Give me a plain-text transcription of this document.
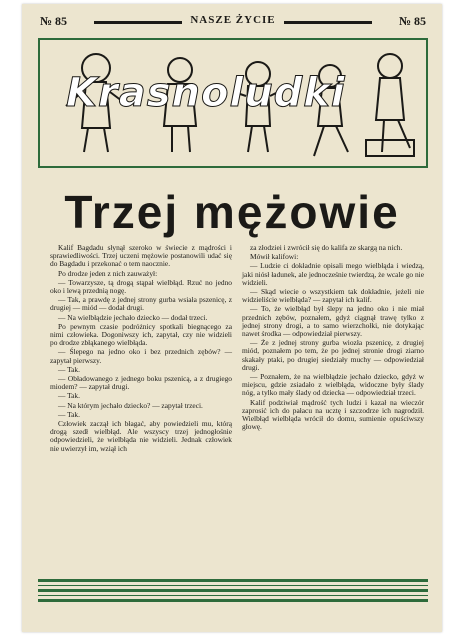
№ 85	NASZE ŻYCIE	№ 85
Krasnoludki
Trzej mężowie

Kalif Bagdadu słynął szeroko w świecie z mądrości i sprawiedliwości. Trzej uczeni mężowie postanowili udać się do Bagdadu i przekonać o tem naocznie.

Po drodze jeden z nich zauważył:

— Towarzysze, tą drogą stąpał wielbłąd. Rzuć no jedno oko i lewą przednią nogę.

— Tak, a prawdę z jednej strony gurba wsiała pszenicę, z drugiej — miód — dodał drugi.

— Na wielbłądzie jechało dziecko — dodał trzeci.

Po pewnym czasie podróżnicy spotkali biegnącego za nimi człowieka. Dogoniwszy ich, zapytał, czy nie widzieli po drodze zbłąkanego wielbłąda.

— Ślepego na jedno oko i bez przednich zębów? — zapytał pierwszy.

— Tak.

— Obładowanego z jednego boku pszenicą, a z drugiego miodem? — zapytał drugi.

— Tak.

— Na którym jechało dziecko? — zapytał trzeci.

— Tak.

Człowiek zaczął ich błagać, aby powiedzieli mu, którą drogą szedł wielbłąd. Ale wszyscy trzej jednogłośnie odpowiedzieli, że wielbłąda nie widzieli. Jednak człowiek nie uwierzył im, wziął ich

za złodziei i zwrócił się do kalifa ze skargą na nich.

Mówił kalifowi:

— Ludzie ci dokładnie opisali mego wielbłąda i wiedzą, jaki niósł ładunek, ale jednocześnie twierdzą, że wcale go nie widzieli.

— Skąd wiecie o wszystkiem tak dokładnie, jeżeli nie widzieliście wielbłąda? — zapytał ich kalif.

— To, że wielbłąd był ślepy na jedno oko i nie miał przednich zębów, poznałem, gdyż ciągnął trawę tylko z jednej strony drogi, a to samo wierzchołki, nie dotykając nawet środka — odpowiedział pierwszy.

— Że z jednej strony gurba wiozła pszenicę, z drugiej miód, poznałem po tem, że po jednej stronie drogi ziarno skakały ptaki, po drugiej siedziały muchy — odpowiedział drugi.

— Poznałem, że na wielbłądzie jechało dziecko, gdyż w miejscu, gdzie zsiadało z wielbłąda, widoczne były ślady nóg, a tylko mały ślady od dziecka — odpowiedział trzeci.

Kalif podziwiał mądrość tych ludzi i kazał na wieczór zaprosić ich do pałacu na ucztę i szczodrze ich nagrodził. Wielbłąd wielbłąda wrócił do domu, sumienie opuściwszy głowę.
